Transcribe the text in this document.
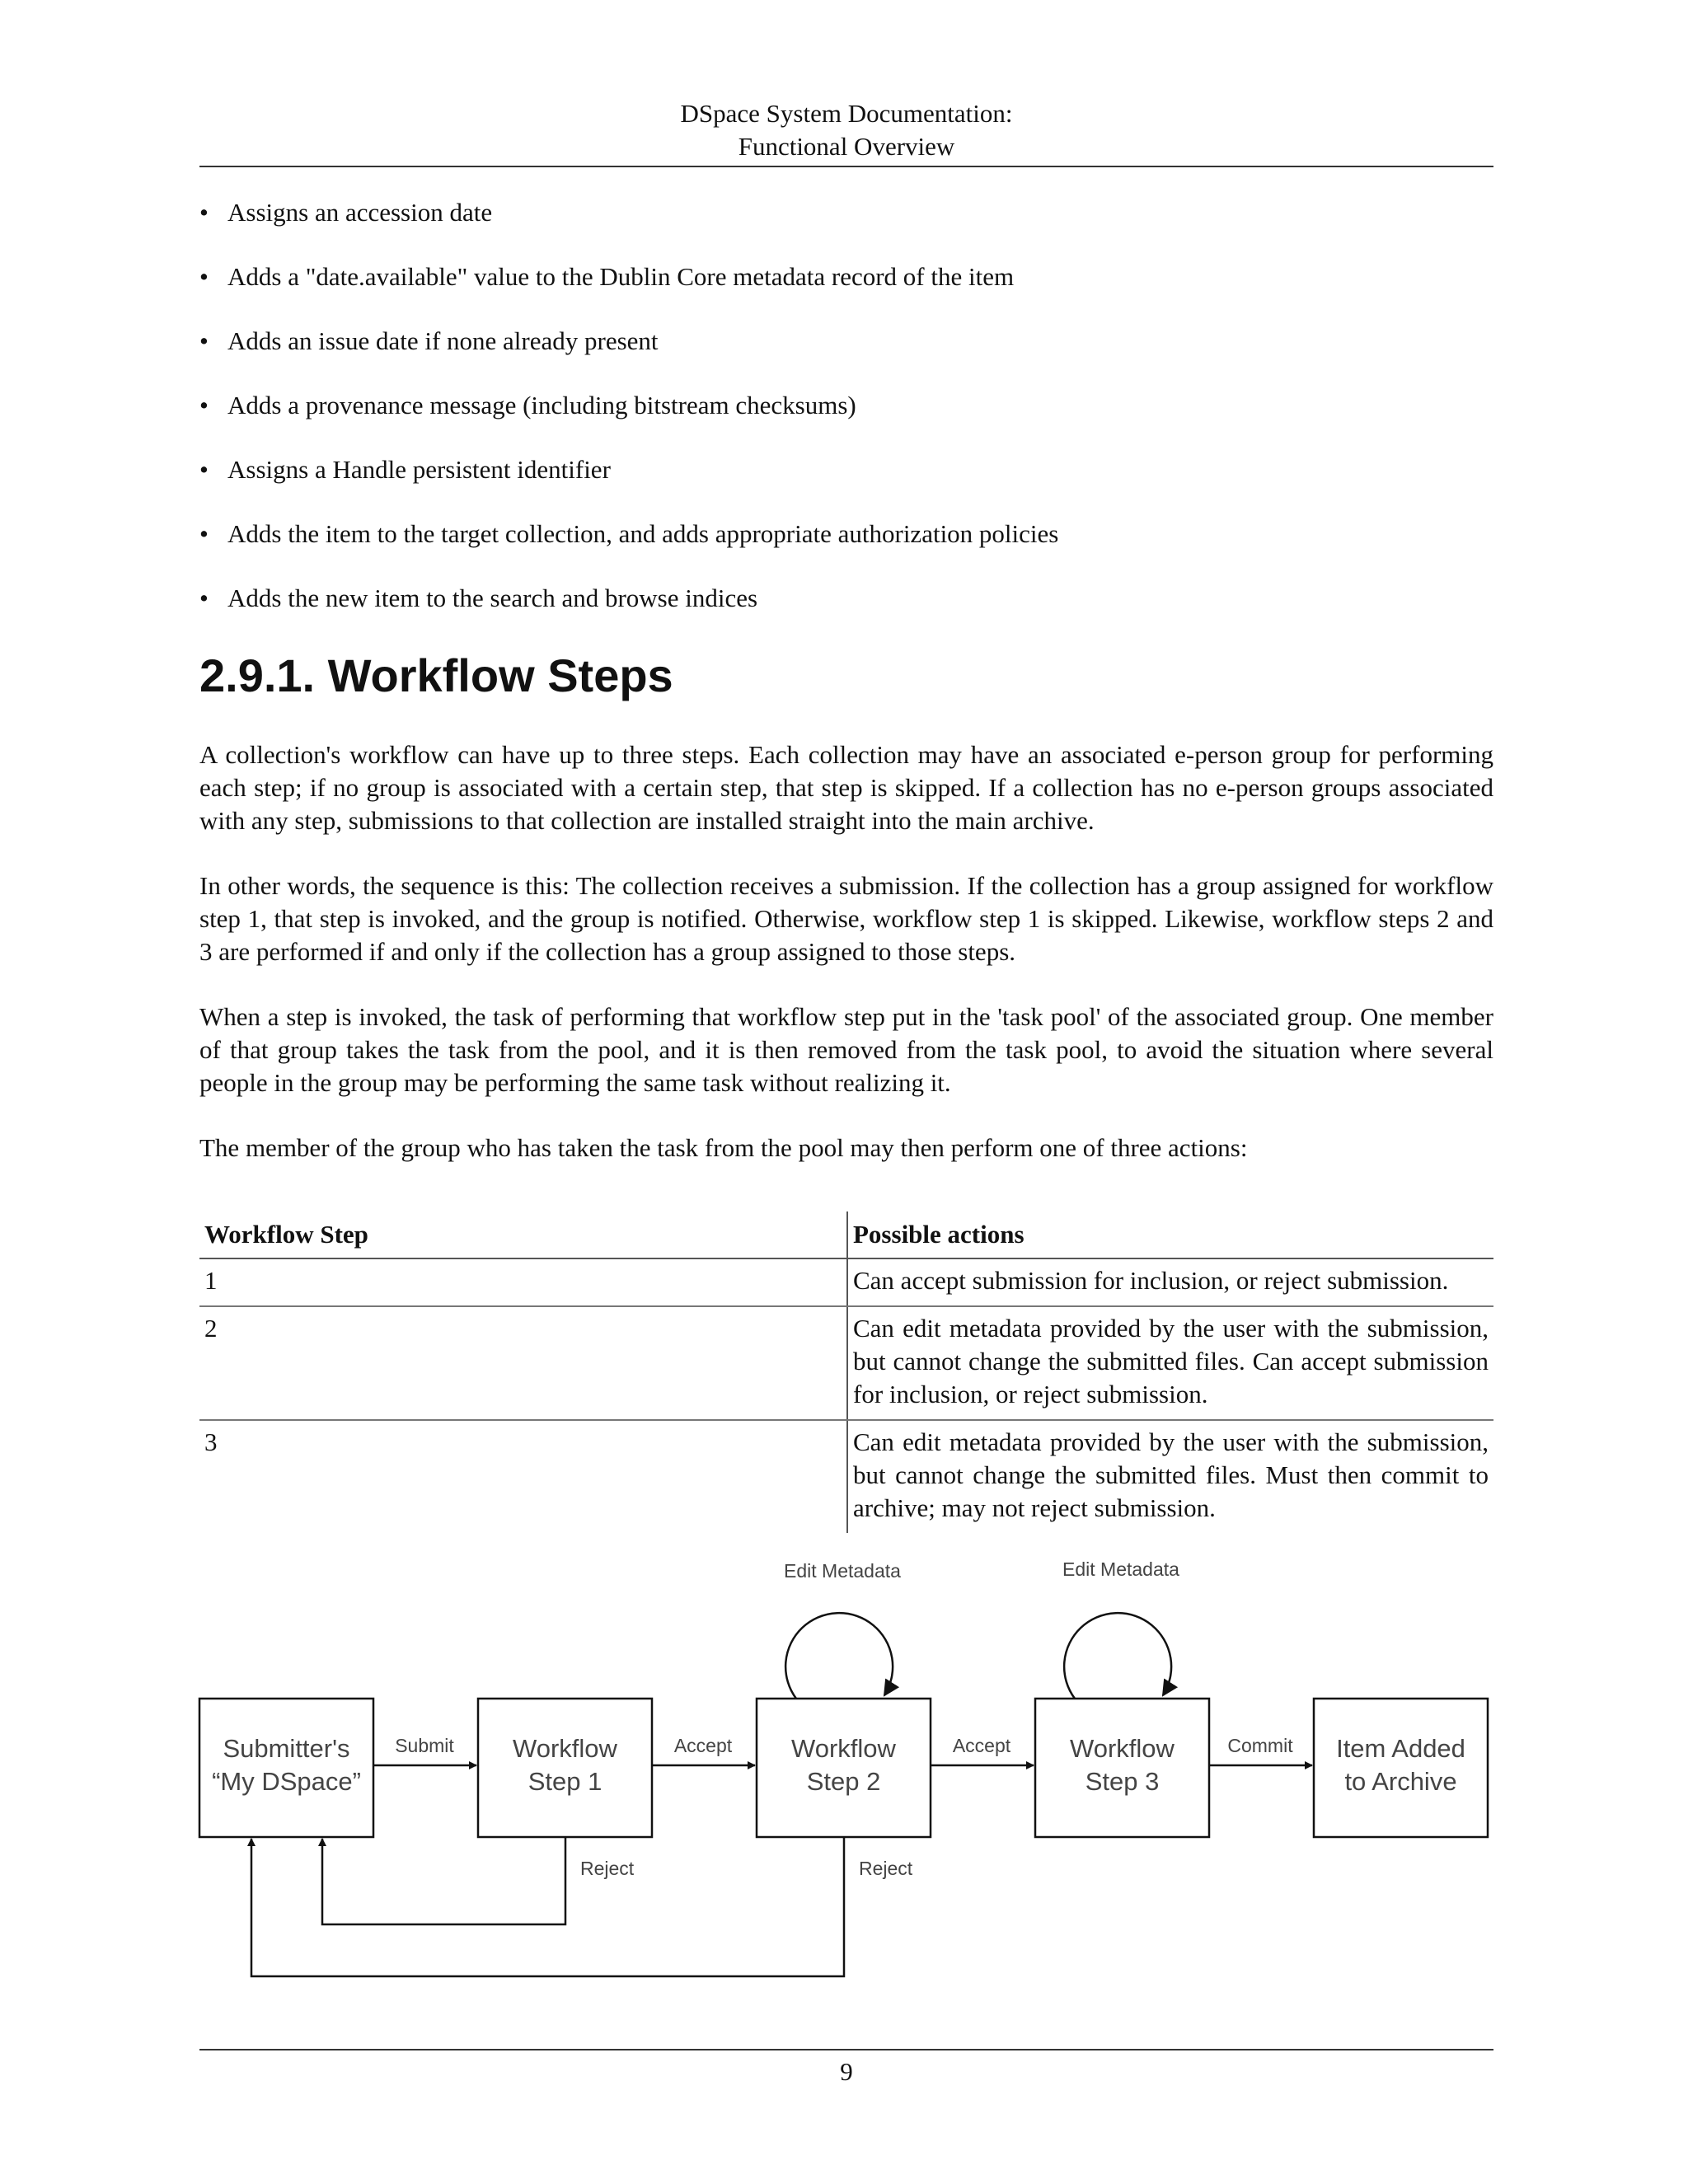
DSpace System Documentation:
Functional Overview
• Assigns an accession date
• Adds a "date.available" value to the Dublin Core metadata record of the item
• Adds an issue date if none already present
• Adds a provenance message (including bitstream checksums)
• Assigns a Handle persistent identifier
• Adds the item to the target collection, and adds appropriate authorization policies
• Adds the new item to the search and browse indices
2.9.1. Workflow Steps

A collection's workflow can have up to three steps. Each collection may have an associated e-person group for performing each step; if no group is associated with a certain step, that step is skipped. If a collection has no e-person groups associated with any step, submissions to that collection are installed straight into the main archive.

In other words, the sequence is this: The collection receives a submission. If the collection has a group assigned for workflow step 1, that step is invoked, and the group is notified. Otherwise, workflow step 1 is skipped. Likewise, workflow steps 2 and 3 are performed if and only if the collection has a group assigned to those steps.

When a step is invoked, the task of performing that workflow step put in the 'task pool' of the associated group. One member of that group takes the task from the pool, and it is then removed from the task pool, to avoid the situation where several people in the group may be performing the same task without realizing it.

The member of the group who has taken the task from the pool may then perform one of three actions:

Workflow Step	Possible actions
1	Can accept submission for inclusion, or reject submission.
2	Can edit metadata provided by the user with the submission, but cannot change the submitted files. Can accept submission for inclusion, or reject submission.
3	Can edit metadata provided by the user with the submission, but cannot change the submitted files. Must then commit to archive; may not reject submission.
Edit Metadata	Edit Metadata
Submitter's
“My DSpace”
Workflow
Step 1
Workflow
Step 2
Workflow
Step 3
Item Added
to Archive
Submit	Accept	Accept	Commit
Reject	Reject
9
